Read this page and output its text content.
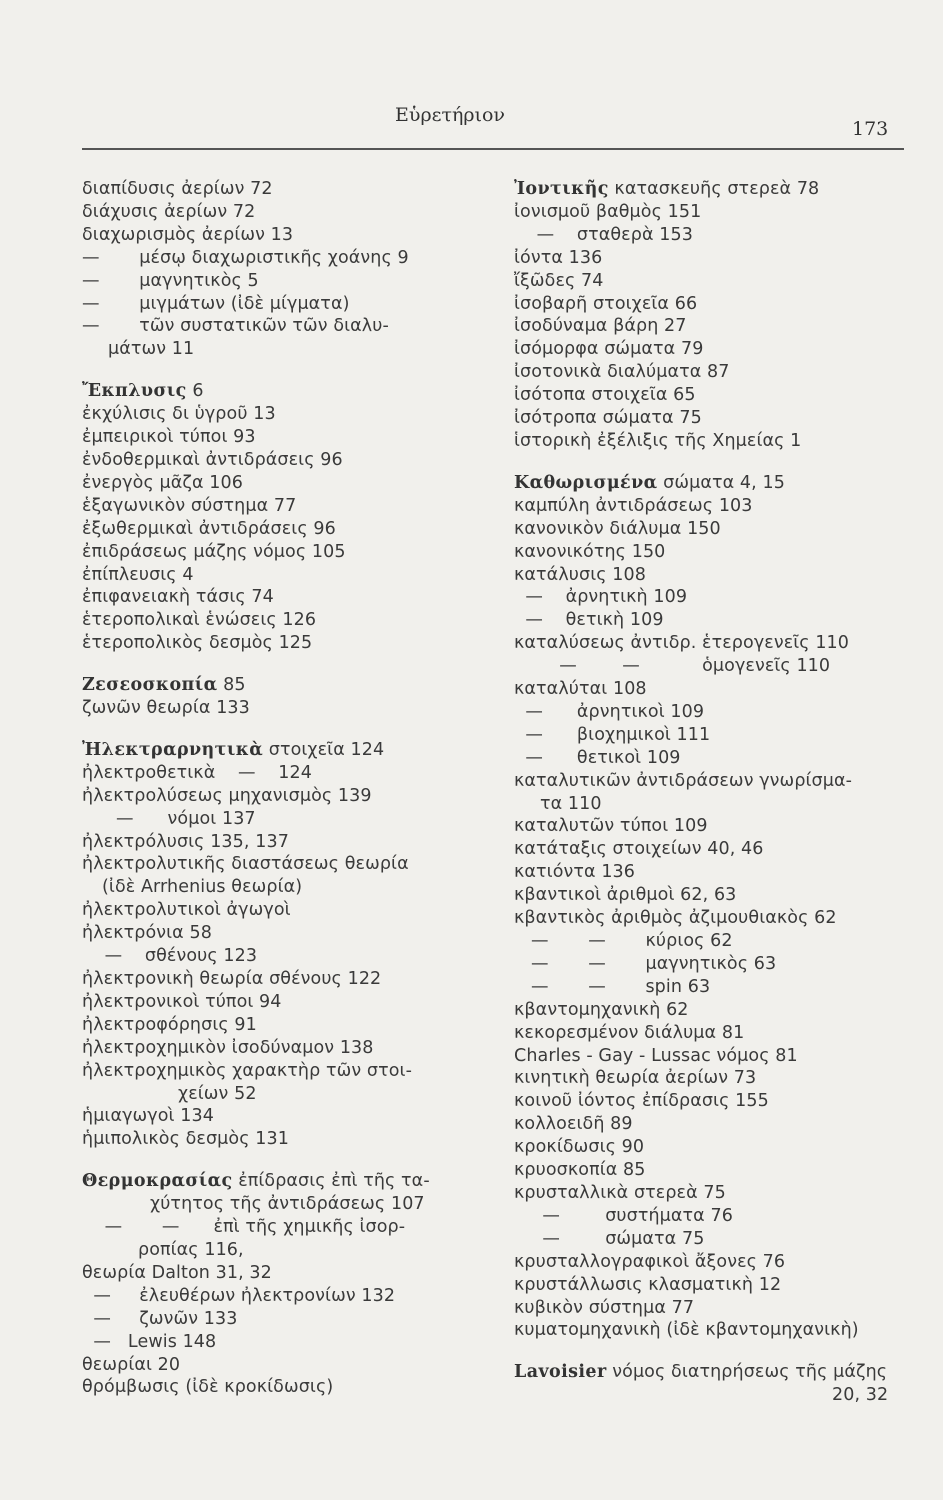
Εὑρετήριον
173
διαπίδυσις ἀερίων 72
διάχυσις ἀερίων 72
διαχωρισμὸς ἀερίων 13
—       μέσῳ διαχωριστικῆς χοάνης 9
—       μαγνητικὸς 5
—       μιγμάτων (ἰδὲ μίγματα)
—       τῶν συστατικῶν τῶν διαλυ-
μάτων 11
Ἔκπλυσις 6
ἐκχύλισις δι ὑγροῦ 13
ἐμπειρικοὶ τύποι 93
ἐνδοθερμικαὶ ἀντιδράσεις 96
ἐνεργὸς μᾶζα 106
ἑξαγωνικὸν σύστημα 77
ἐξωθερμικαὶ ἀντιδράσεις 96
ἐπιδράσεως μάζης νόμος 105
ἐπίπλευσις 4
ἐπιφανειακὴ τάσις 74
ἑτεροπολικαὶ ἑνώσεις 126
ἑτεροπολικὸς δεσμὸς 125
Ζεσεοσκοπία 85
ζωνῶν θεωρία 133
Ἠλεκτραρνητικὰ στοιχεῖα 124
ἠλεκτροθετικὰ    —    124
ἠλεκτρολύσεως μηχανισμὸς 139
—      νόμοι 137
ἠλεκτρόλυσις 135, 137
ἠλεκτρολυτικῆς διαστάσεως θεωρία
(ἰδὲ Arrhenius θεωρία)
ἠλεκτρολυτικοὶ ἀγωγοὶ
ἠλεκτρόνια 58
—    σθένους 123
ἠλεκτρονικὴ θεωρία σθένους 122
ἠλεκτρονικοὶ τύποι 94
ἠλεκτροφόρησις 91
ἠλεκτροχημικὸν ἰσοδύναμον 138
ἠλεκτροχημικὸς χαρακτὴρ τῶν στοι-
χείων 52
ἡμιαγωγοὶ 134
ἡμιπολικὸς δεσμὸς 131
Θερμοκρασίας ἐπίδρασις ἐπὶ τῆς τα-
χύτητος τῆς ἀντιδράσεως 107
—       —      ἐπὶ τῆς χημικῆς ἰσορ-
ροπίας 116,
θεωρία Dalton 31, 32
—     ἐλευθέρων ἠλεκτρονίων 132
—     ζωνῶν 133
—   Lewis 148
θεωρίαι 20
θρόμβωσις (ἰδὲ κροκίδωσις)
Ἰοντικῆς κατασκευῆς στερεὰ 78
ἰονισμοῦ βαθμὸς 151
—    σταθερὰ 153
ἰόντα 136
ἴξῶδες 74
ἰσοβαρῆ στοιχεῖα 66
ἰσοδύναμα βάρη 27
ἰσόμορφα σώματα 79
ἰσοτονικὰ διαλύματα 87
ἰσότοπα στοιχεῖα 65
ἰσότροπα σώματα 75
ἱστορικὴ ἐξέλιξις τῆς Χημείας 1
Καθωρισμένα σώματα 4, 15
καμπύλη ἀντιδράσεως 103
κανονικὸν διάλυμα 150
κανονικότης 150
κατάλυσις 108
—    ἀρνητικὴ 109
—    θετικὴ 109
καταλύσεως ἀντιδρ. ἑτερογενεῖς 110
—        —           ὁμογενεῖς 110
καταλύται 108
—      ἀρνητικοὶ 109
—      βιοχημικοὶ 111
—      θετικοὶ 109
καταλυτικῶν ἀντιδράσεων γνωρίσμα-
τα 110
καταλυτῶν τύποι 109
κατάταξις στοιχείων 40, 46
κατιόντα 136
κβαντικοὶ ἀριθμοὶ 62, 63
κβαντικὸς ἀριθμὸς ἀζιμουθιακὸς 62
—       —       κύριος 62
—       —       μαγνητικὸς 63
—       —       spin 63
κβαντομηχανικὴ 62
κεκορεσμένον διάλυμα 81
Charles - Gay - Lussac νόμος 81
κινητικὴ θεωρία ἀερίων 73
κοινοῦ ἰόντος ἐπίδρασις 155
κολλοειδῆ 89
κροκίδωσις 90
κρυοσκοπία 85
κρυσταλλικὰ στερεὰ 75
—        συστήματα 76
—        σώματα 75
κρυσταλλογραφικοὶ ἄξονες 76
κρυστάλλωσις κλασματικὴ 12
κυβικὸν σύστημα 77
κυματομηχανικὴ (ἰδὲ κβαντομηχανικὴ)
Lavoisier νόμος διατηρήσεως τῆς μάζης
20, 32
